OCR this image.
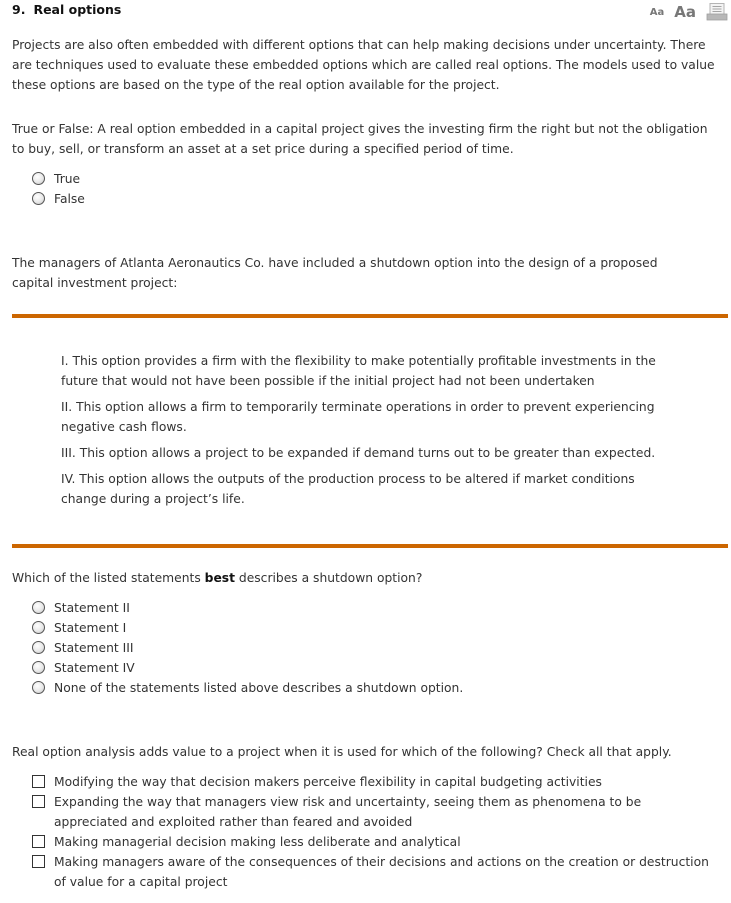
9. Real options	Aa Aa

Projects are also often embedded with different options that can help making decisions under uncertainty. There are techniques used to evaluate these embedded options which are called real options. The models used to value these options are based on the type of the real option available for the project.

True or False: A real option embedded in a capital project gives the investing firm the right but not the obligation to buy, sell, or transform an asset at a set price during a specified period of time.

True
False

The managers of Atlanta Aeronautics Co. have included a shutdown option into the design of a proposed capital investment project:

I. This option provides a firm with the flexibility to make potentially profitable investments in the future that would not have been possible if the initial project had not been undertaken
II. This option allows a firm to temporarily terminate operations in order to prevent experiencing negative cash flows.
III. This option allows a project to be expanded if demand turns out to be greater than expected.
IV. This option allows the outputs of the production process to be altered if market conditions change during a project’s life.

Which of the listed statements best describes a shutdown option?

Statement II
Statement I
Statement III
Statement IV
None of the statements listed above describes a shutdown option.

Real option analysis adds value to a project when it is used for which of the following? Check all that apply.

Modifying the way that decision makers perceive flexibility in capital budgeting activities
Expanding the way that managers view risk and uncertainty, seeing them as phenomena to be appreciated and exploited rather than feared and avoided
Making managerial decision making less deliberate and analytical
Making managers aware of the consequences of their decisions and actions on the creation or destruction of value for a capital project
